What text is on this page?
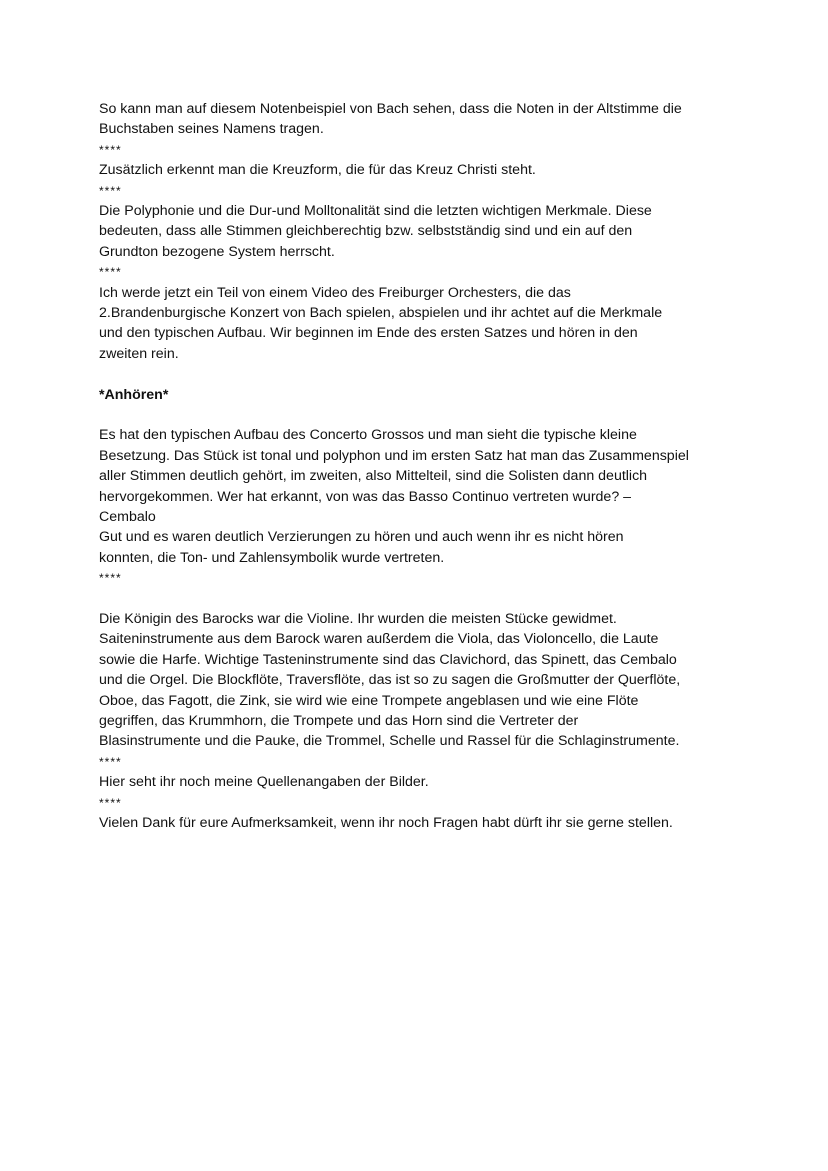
So kann man auf diesem Notenbeispiel von Bach sehen, dass die Noten in der Altstimme die
Buchstaben seines Namens tragen.
****
Zusätzlich erkennt man die Kreuzform, die für das Kreuz Christi steht.
****
Die Polyphonie und die Dur-und Molltonalität sind die letzten wichtigen Merkmale. Diese
bedeuten, dass alle Stimmen gleichberechtig bzw. selbstständig sind und ein auf den
Grundton bezogene System herrscht.
****
Ich werde jetzt ein Teil von einem Video des Freiburger Orchesters, die das
2.Brandenburgische Konzert von Bach spielen, abspielen und ihr achtet auf die Merkmale
und den typischen Aufbau. Wir beginnen im Ende des ersten Satzes und hören in den
zweiten rein.
*Anhören*
Es hat den typischen Aufbau des Concerto Grossos und man sieht die typische kleine
Besetzung. Das Stück ist tonal und polyphon und im ersten Satz hat man das Zusammenspiel
aller Stimmen deutlich gehört, im zweiten, also Mittelteil, sind die Solisten dann deutlich
hervorgekommen. Wer hat erkannt, von was das Basso Continuo vertreten wurde? –
Cembalo
Gut und es waren deutlich Verzierungen zu hören und auch wenn ihr es nicht hören
konnten, die Ton- und Zahlensymbolik wurde vertreten.
****
Die Königin des Barocks war die Violine. Ihr wurden die meisten Stücke gewidmet.
Saiteninstrumente aus dem Barock waren außerdem die Viola, das Violoncello, die Laute
sowie die Harfe. Wichtige Tasteninstrumente sind das Clavichord, das Spinett, das Cembalo
und die Orgel. Die Blockflöte, Traversflöte, das ist so zu sagen die Großmutter der Querflöte,
Oboe, das Fagott, die Zink, sie wird wie eine Trompete angeblasen und wie eine Flöte
gegriffen, das Krummhorn, die Trompete und das Horn sind die Vertreter der
Blasinstrumente und die Pauke, die Trommel, Schelle und Rassel für die Schlaginstrumente.
****
Hier seht ihr noch meine Quellenangaben der Bilder.
****
Vielen Dank für eure Aufmerksamkeit, wenn ihr noch Fragen habt dürft ihr sie gerne stellen.
